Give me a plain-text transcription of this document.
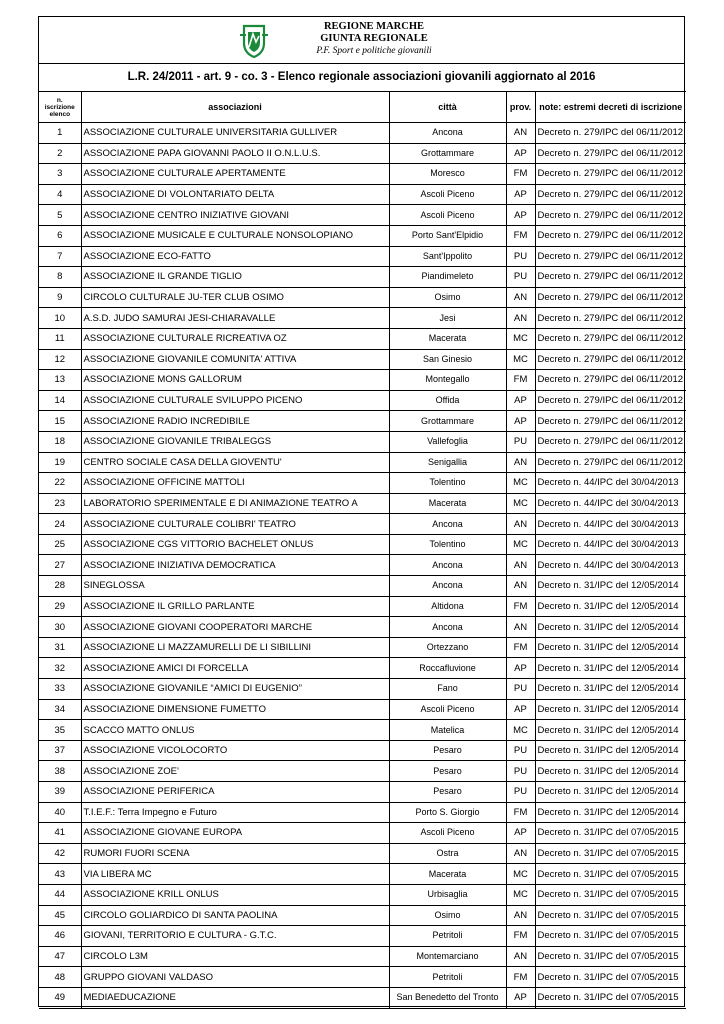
REGIONE MARCHE
GIUNTA REGIONALE
P.F. Sport e politiche giovanili
L.R. 24/2011 - art. 9 - co. 3 - Elenco regionale associazioni giovanili aggiornato al 2016
n. iscrizione elenco	associazioni	città	prov.	note: estremi decreti di iscrizione
1	ASSOCIAZIONE CULTURALE UNIVERSITARIA GULLIVER	Ancona	AN	Decreto n. 279/IPC del 06/11/2012
2	ASSOCIAZIONE PAPA GIOVANNI PAOLO II O.N.L.U.S.	Grottammare	AP	Decreto n. 279/IPC del 06/11/2012
3	ASSOCIAZIONE CULTURALE APERTAMENTE	Moresco	FM	Decreto n. 279/IPC del 06/11/2012
4	ASSOCIAZIONE DI VOLONTARIATO DELTA	Ascoli Piceno	AP	Decreto n. 279/IPC del 06/11/2012
5	ASSOCIAZIONE CENTRO INIZIATIVE GIOVANI	Ascoli Piceno	AP	Decreto n. 279/IPC del 06/11/2012
6	ASSOCIAZIONE MUSICALE E CULTURALE NONSOLOPIANO	Porto Sant'Elpidio	FM	Decreto n. 279/IPC del 06/11/2012
7	ASSOCIAZIONE ECO-FATTO	Sant'Ippolito	PU	Decreto n. 279/IPC del 06/11/2012
8	ASSOCIAZIONE IL GRANDE TIGLIO	Piandimeleto	PU	Decreto n. 279/IPC del 06/11/2012
9	CIRCOLO CULTURALE JU-TER CLUB OSIMO	Osimo	AN	Decreto n. 279/IPC del 06/11/2012
10	A.S.D. JUDO SAMURAI JESI-CHIARAVALLE	Jesi	AN	Decreto n. 279/IPC del 06/11/2012
11	ASSOCIAZIONE CULTURALE RICREATIVA OZ	Macerata	MC	Decreto n. 279/IPC del 06/11/2012
12	ASSOCIAZIONE GIOVANILE COMUNITA' ATTIVA	San Ginesio	MC	Decreto n. 279/IPC del 06/11/2012
13	ASSOCIAZIONE MONS GALLORUM	Montegallo	FM	Decreto n. 279/IPC del 06/11/2012
14	ASSOCIAZIONE CULTURALE SVILUPPO PICENO	Offida	AP	Decreto n. 279/IPC del 06/11/2012
15	ASSOCIAZIONE RADIO INCREDIBILE	Grottammare	AP	Decreto n. 279/IPC del 06/11/2012
18	ASSOCIAZIONE GIOVANILE TRIBALEGGS	Vallefoglia	PU	Decreto n. 279/IPC del 06/11/2012
19	CENTRO SOCIALE CASA DELLA GIOVENTU'	Senigallia	AN	Decreto n. 279/IPC del 06/11/2012
22	ASSOCIAZIONE OFFICINE MATTOLI	Tolentino	MC	Decreto n. 44/IPC del 30/04/2013
23	LABORATORIO SPERIMENTALE E DI ANIMAZIONE TEATRO A	Macerata	MC	Decreto n. 44/IPC del 30/04/2013
24	ASSOCIAZIONE CULTURALE COLIBRI' TEATRO	Ancona	AN	Decreto n. 44/IPC del 30/04/2013
25	ASSOCIAZIONE CGS VITTORIO BACHELET ONLUS	Tolentino	MC	Decreto n. 44/IPC del 30/04/2013
27	ASSOCIAZIONE INIZIATIVA DEMOCRATICA	Ancona	AN	Decreto n. 44/IPC del 30/04/2013
28	SINEGLOSSA	Ancona	AN	Decreto n. 31/IPC del 12/05/2014
29	ASSOCIAZIONE IL GRILLO PARLANTE	Altidona	FM	Decreto n. 31/IPC del 12/05/2014
30	ASSOCIAZIONE GIOVANI COOPERATORI MARCHE	Ancona	AN	Decreto n. 31/IPC del 12/05/2014
31	ASSOCIAZIONE LI MAZZAMURELLI DE LI SIBILLINI	Ortezzano	FM	Decreto n. 31/IPC del 12/05/2014
32	ASSOCIAZIONE AMICI DI FORCELLA	Roccafluvione	AP	Decreto n. 31/IPC del 12/05/2014
33	ASSOCIAZIONE GIOVANILE “AMICI DI EUGENIO”	Fano	PU	Decreto n. 31/IPC del 12/05/2014
34	ASSOCIAZIONE DIMENSIONE FUMETTO	Ascoli Piceno	AP	Decreto n. 31/IPC del 12/05/2014
35	SCACCO MATTO ONLUS	Matelica	MC	Decreto n. 31/IPC del 12/05/2014
37	ASSOCIAZIONE VICOLOCORTO	Pesaro	PU	Decreto n. 31/IPC del 12/05/2014
38	ASSOCIAZIONE ZOE’	Pesaro	PU	Decreto n. 31/IPC del 12/05/2014
39	ASSOCIAZIONE PERIFERICA	Pesaro	PU	Decreto n. 31/IPC del 12/05/2014
40	T.I.E.F.: Terra Impegno e Futuro	Porto S. Giorgio	FM	Decreto n. 31/IPC del 12/05/2014
41	ASSOCIAZIONE GIOVANE EUROPA	Ascoli Piceno	AP	Decreto n. 31/IPC del 07/05/2015
42	RUMORI FUORI SCENA	Ostra	AN	Decreto n. 31/IPC del 07/05/2015
43	VIA LIBERA MC	Macerata	MC	Decreto n. 31/IPC del 07/05/2015
44	ASSOCIAZIONE KRILL ONLUS	Urbisaglia	MC	Decreto n. 31/IPC del 07/05/2015
45	CIRCOLO GOLIARDICO DI SANTA PAOLINA	Osimo	AN	Decreto n. 31/IPC del 07/05/2015
46	GIOVANI, TERRITORIO E CULTURA - G.T.C.	Petritoli	FM	Decreto n. 31/IPC del 07/05/2015
47	CIRCOLO L3M	Montemarciano	AN	Decreto n. 31/IPC del 07/05/2015
48	GRUPPO GIOVANI VALDASO	Petritoli	FM	Decreto n. 31/IPC del 07/05/2015
49	MEDIAEDUCAZIONE	San Benedetto del Tronto	AP	Decreto n. 31/IPC del 07/05/2015
